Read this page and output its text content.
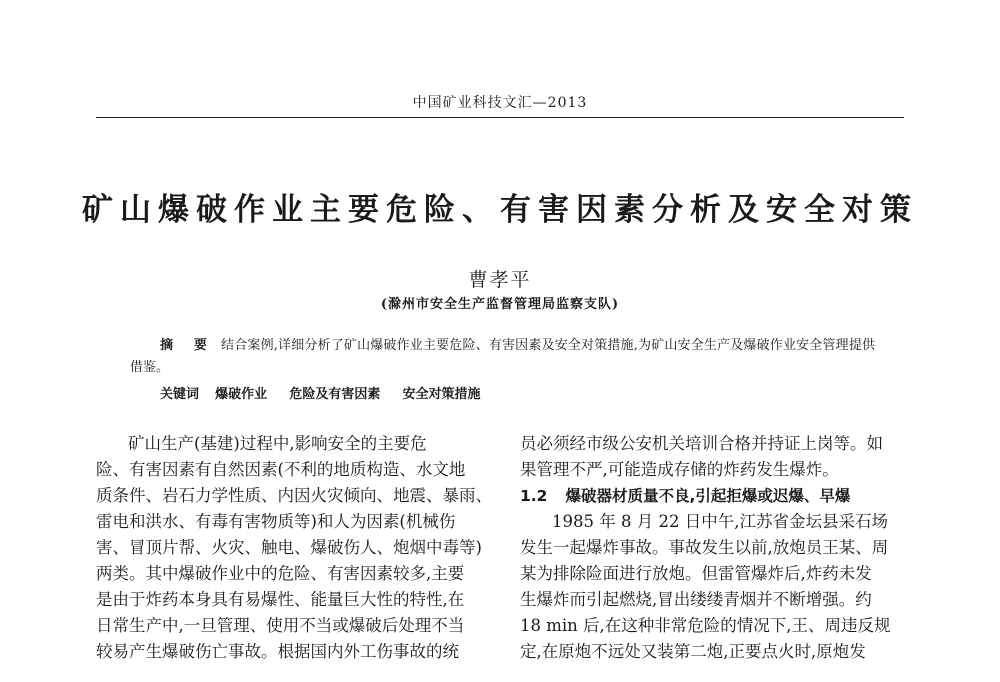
中国矿业科技文汇—2013
矿山爆破作业主要危险、有害因素分析及安全对策
曹孝平
(滁州市安全生产监督管理局监察支队)
摘 要 结合案例,详细分析了矿山爆破作业主要危险、有害因素及安全对策措施,为矿山安全生产及爆破作业安全管理提供借鉴。
关键词 爆破作业 危险及有害因素 安全对策措施
矿山生产(基建)过程中,影响安全的主要危
险、有害因素有自然因素(不利的地质构造、水文地
质条件、岩石力学性质、内因火灾倾向、地震、暴雨、
雷电和洪水、有毒有害物质等)和人为因素(机械伤
害、冒顶片帮、火灾、触电、爆破伤人、炮烟中毒等)
两类。其中爆破作业中的危险、有害因素较多,主要
是由于炸药本身具有易爆性、能量巨大性的特性,在
日常生产中,一旦管理、使用不当或爆破后处理不当
较易产生爆破伤亡事故。根据国内外工伤事故的统
员必须经市级公安机关培训合格并持证上岗等。如
果管理不严,可能造成存储的炸药发生爆炸。
1.2 爆破器材质量不良,引起拒爆或迟爆、早爆
1985 年 8 月 22 日中午,江苏省金坛县采石场
发生一起爆炸事故。事故发生以前,放炮员王某、周
某为排除险面进行放炮。但雷管爆炸后,炸药未发
生爆炸而引起燃烧,冒出缕缕青烟并不断增强。约
18 min 后,在这种非常危险的情况下,王、周违反规
定,在原炮不远处又装第二炮,正要点火时,原炮发
